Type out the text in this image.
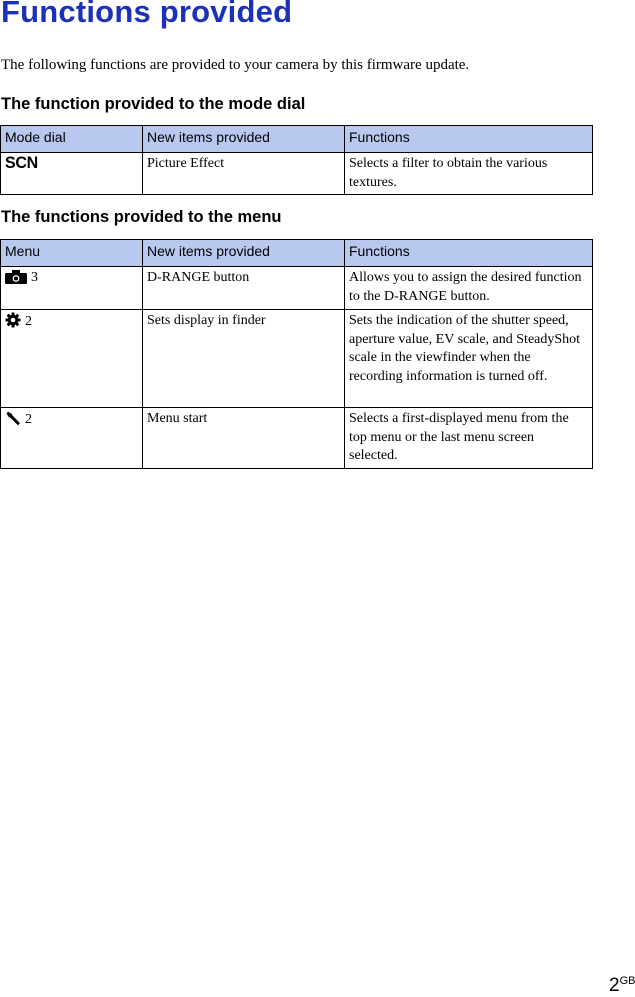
Functions provided

The following functions are provided to your camera by this firmware update.

The function provided to the mode dial
Mode dial	New items provided	Functions
SCN	Picture Effect	Selects a filter to obtain the various textures.
The functions provided to the menu
Menu	New items provided	Functions
3	D-RANGE button	Allows you to assign the desired function to the D-RANGE button.
2	Sets display in finder	Sets the indication of the shutter speed, aperture value, EV scale, and SteadyShot scale in the viewfinder when the recording information is turned off.
2	Menu start	Selects a first-displayed menu from the top menu or the last menu screen selected.
$2^{GB}$
